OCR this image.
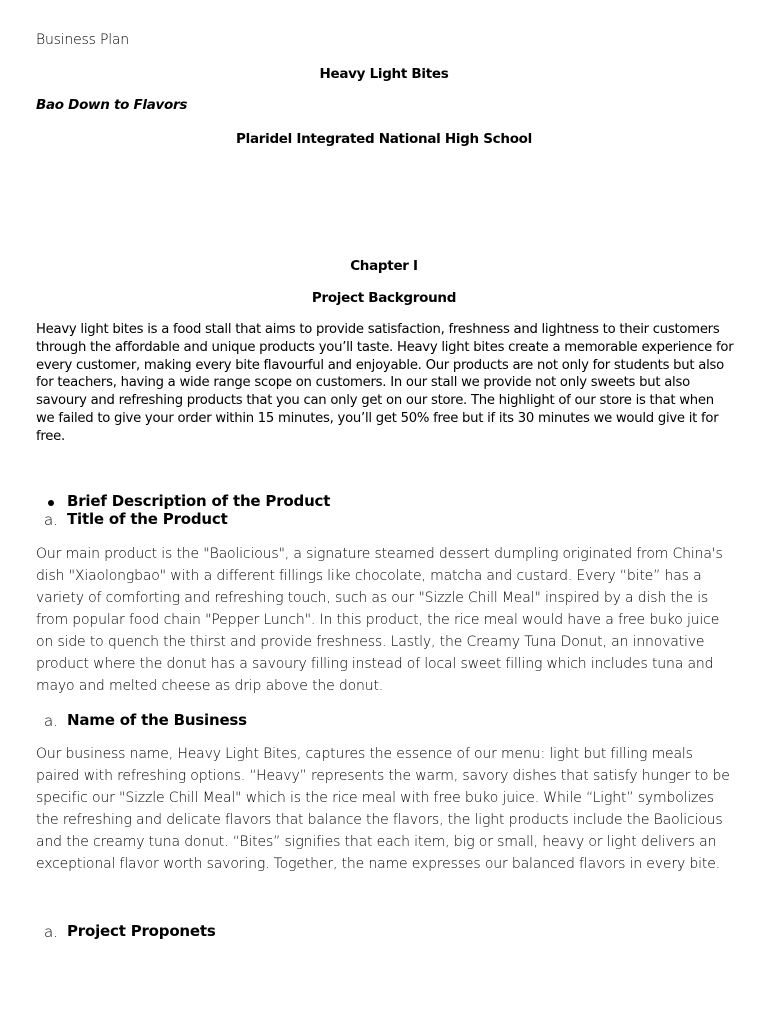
Business Plan
Heavy Light Bites
Bao Down to Flavors
Plaridel Integrated National High School
Chapter I
Project Background
Heavy light bites is a food stall that aims to provide satisfaction, freshness and lightness to their customers through the affordable and unique products you’ll taste. Heavy light bites create a memorable experience for every customer, making every bite flavourful and enjoyable. Our products are not only for students but also for teachers, having a wide range scope on customers. In our stall we provide not only sweets but also savoury and refreshing products that you can only get on our store. The highlight of our store is that when we failed to give your order within 15 minutes, you’ll get 50% free but if its 30 minutes we would give it for free.
Brief Description of the Product
a. Title of the Product
Our main product is the "Baolicious", a signature steamed dessert dumpling originated from China's dish "Xiaolongbao" with a different fillings like chocolate, matcha and custard. Every “bite” has a variety of comforting and refreshing touch, such as our "Sizzle Chill Meal" inspired by a dish the is from popular food chain "Pepper Lunch". In this product, the rice meal would have a free buko juice on side to quench the thirst and provide freshness. Lastly, the Creamy Tuna Donut, an innovative product where the donut has a savoury filling instead of local sweet filling which includes tuna and mayo and melted cheese as drip above the donut.
a. Name of the Business
Our business name, Heavy Light Bites, captures the essence of our menu: light but filling meals paired with refreshing options. “Heavy” represents the warm, savory dishes that satisfy hunger to be specific our "Sizzle Chill Meal" which is the rice meal with free buko juice. While “Light” symbolizes the refreshing and delicate flavors that balance the flavors, the light products include the Baolicious and the creamy tuna donut. “Bites” signifies that each item, big or small, heavy or light delivers an exceptional flavor worth savoring. Together, the name expresses our balanced flavors in every bite.
a. Project Proponets
